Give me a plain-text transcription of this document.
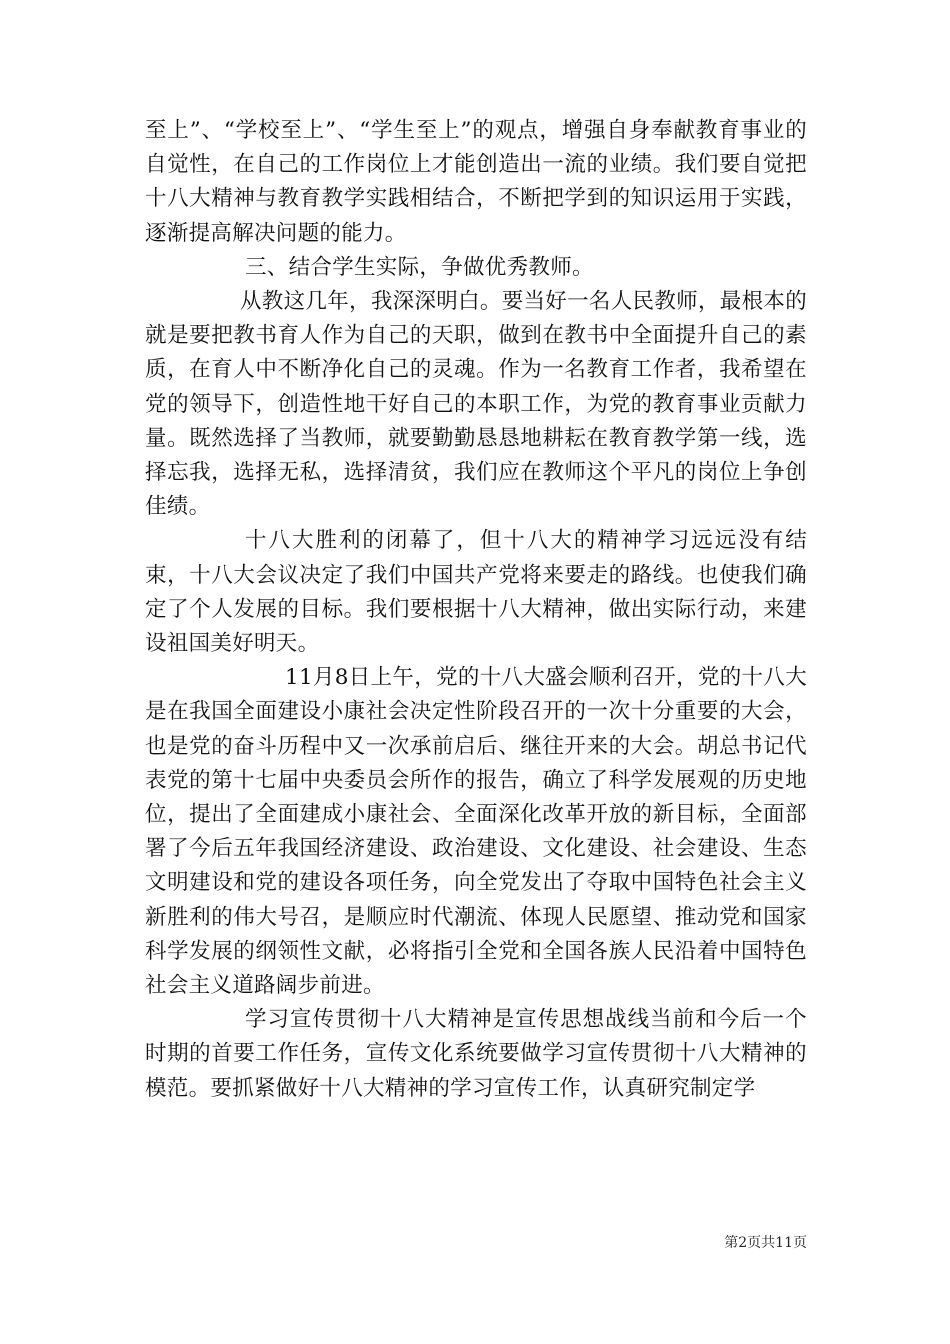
至上”、“学校至上”、“学生至上”的观点，增强自身奉献教育事业的自觉性，在自己的工作岗位上才能创造出一流的业绩。我们要自觉把十八大精神与教育教学实践相结合，不断把学到的知识运用于实践，逐渐提高解决问题的能力。

三、结合学生实际，争做优秀教师。

从教这几年，我深深明白。要当好一名人民教师，最根本的就是要把教书育人作为自己的天职，做到在教书中全面提升自己的素质，在育人中不断净化自己的灵魂。作为一名教育工作者，我希望在党的领导下，创造性地干好自己的本职工作，为党的教育事业贡献力量。既然选择了当教师，就要勤勤恳恳地耕耘在教育教学第一线，选择忘我，选择无私，选择清贫，我们应在教师这个平凡的岗位上争创佳绩。

十八大胜利的闭幕了，但十八大的精神学习远远没有结束，十八大会议决定了我们中国共产党将来要走的路线。也使我们确定了个人发展的目标。我们要根据十八大精神，做出实际行动，来建设祖国美好明天。

11月8日上午，党的十八大盛会顺利召开，党的十八大是在我国全面建设小康社会决定性阶段召开的一次十分重要的大会，也是党的奋斗历程中又一次承前启后、继往开来的大会。胡总书记代表党的第十七届中央委员会所作的报告，确立了科学发展观的历史地位，提出了全面建成小康社会、全面深化改革开放的新目标，全面部署了今后五年我国经济建设、政治建设、文化建设、社会建设、生态文明建设和党的建设各项任务，向全党发出了夺取中国特色社会主义新胜利的伟大号召，是顺应时代潮流、体现人民愿望、推动党和国家科学发展的纲领性文献，必将指引全党和全国各族人民沿着中国特色社会主义道路阔步前进。

学习宣传贯彻十八大精神是宣传思想战线当前和今后一个时期的首要工作任务，宣传文化系统要做学习宣传贯彻十八大精神的模范。要抓紧做好十八大精神的学习宣传工作，认真研究制定学

第2页共11页
